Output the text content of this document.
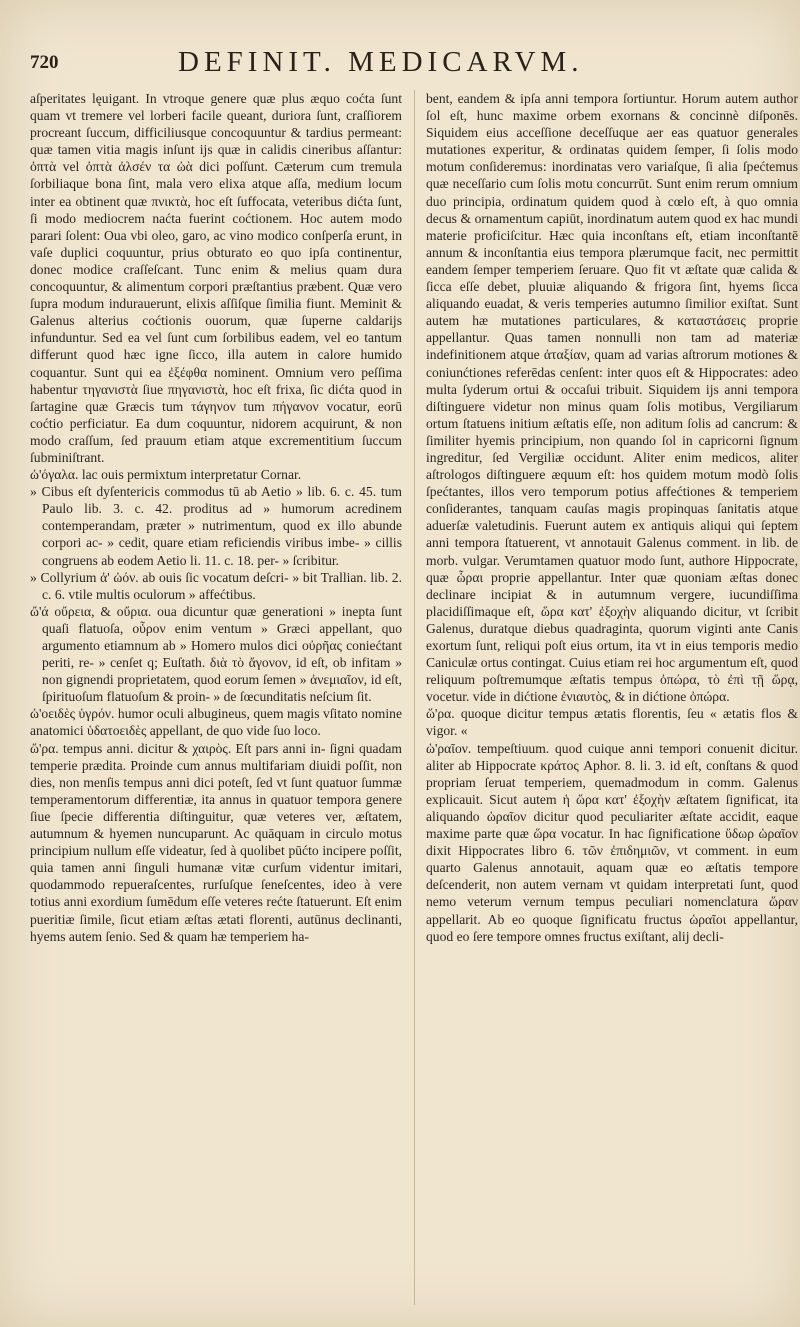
720	DEFINIT. MEDICARVM.

aſperitates lęuigant. In vtroque genere quæ plus æquo coćta ſunt quam vt tremere vel lorberi facile queant, duriora ſunt, craſſiorem procreant ſuccum, difficiliusque concoquuntur & tardius permeant: quæ tamen vitia magis inſunt ijs quæ in calidis cineribus aſſantur: ὀπτὰ vel ὀπτὰ ἀλσέν τα ὠὰ dici poſſunt. Cæterum cum tremula ſorbiliaque bona ſint, mala vero elixa atque aſſa, medium locum inter ea obtinent quæ πνικτὰ, hoc eſt ſuffocata, veteribus dićta ſunt, ſi modo mediocrem naćta fuerint coćtionem. Hoc autem modo parari ſolent: Oua vbi oleo, garo, ac vino modico conſperſa erunt, in vaſe duplici coquuntur, prius obturato eo quo ipſa continentur, donec modice craſſeſcant. Tunc enim & melius quam dura concoquuntur, & alimentum corpori præſtantius præbent. Quæ vero ſupra modum indurauerunt, elixis aſſiſque ſimilia fiunt. Meminit & Galenus alterius coćtionis ouorum, quæ ſuperne caldarijs infunduntur. Sed ea vel ſunt cum ſorbilibus eadem, vel eo tantum differunt quod hæc igne ſicco, illa autem in calore humido coquantur. Sunt qui ea ἐξέφθα nominent. Omnium vero peſſima habentur τηγανιστὰ ſiue πηγανιστὰ, hoc eſt frixa, ſic dićta quod in ſartagine quæ Græcis tum τάγηνον tum πήγανον vocatur, eorū coćtio perficiatur. Ea dum coquuntur, nidorem acquirunt, & non modo craſſum, ſed prauum etiam atque excrementitium ſuccum ſubminiſtrant.

ὠ'όγαλα. lac ouis permixtum interpretatur Cornar.

» Cibus eſt dyſentericis commodus tū ab Aetio » lib. 6. c. 45. tum Paulo lib. 3. c. 42. proditus ad » humorum acredinem contemperandam, præter » nutrimentum, quod ex illo abunde corpori ac- » cedit, quare etiam reficiendis viribus imbe- » cillis congruens ab eodem Aetio li. 11. c. 18. per- » ſcribitur.

» Collyrium ἀ' ὠόν. ab ouis ſic vocatum deſcri- » bit Trallian. lib. 2. c. 6. vtile multis oculorum » affećtibus.

ὤ'ά οὔρεια, & οὔρια. oua dicuntur quæ generationi » inepta ſunt quaſi flatuoſa, οὖρον enim ventum » Græci appellant, quo argumento etiamnum ab » Homero mulos dici οὐρῆας coniećtant periti, re- » cenſet q; Euſtath. διὰ τὸ ἄγονον, id eſt, ob infitam » non gignendi proprietatem, quod eorum ſemen » ἀνεμιαῖον, id eſt, ſpirituoſum flatuoſum & proin- » de ſœcunditatis neſcium ſit.

ὠ'οειδὲς ὑγρόν. humor oculi albugineus, quem magis vſitato nomine anatomici ὑδατοειδὲς appellant, de quo vide ſuo loco.

ὥ'ρα. tempus anni. dicitur & χαιρὸς. Eſt pars anni in- ſigni quadam temperie prædita. Proinde cum annus multifariam diuidi poſſit, non dies, non menſis tempus anni dici poteſt, ſed vt ſunt quatuor ſummæ temperamentorum differentiæ, ita annus in quatuor tempora genere ſiue ſpecie differentia diſtinguitur, quæ veteres ver, æſtatem, autumnum & hyemen nuncuparunt. Ac quāquam in circulo motus principium nullum eſſe videatur, ſed à quolibet pūćto incipere poſſit, quia tamen anni ſinguli humanæ vitæ curſum videntur imitari, quodammodo repueraſcentes, rurſuſque ſeneſcentes, ideo à vere totius anni exordium ſumēdum eſſe veteres rećte ſtatuerunt. Eſt enim pueritiæ ſimile, ſicut etiam æſtas ætati florenti, autūnus declinanti, hyems autem ſenio. Sed & quam hæ temperiem ha-

bent, eandem & ipſa anni tempora ſortiuntur. Horum autem author ſol eſt, hunc maxime orbem exornans & concinnè diſponēs. Siquidem eius acceſſione deceſſuque aer eas quatuor generales mutationes experitur, & ordinatas quidem ſemper, ſi ſolis modo motum conſideremus: inordinatas vero variaſque, ſi alia ſpećtemus quæ neceſſario cum ſolis motu concurrūt. Sunt enim rerum omnium duo principia, ordinatum quidem quod à cœlo eſt, à quo omnia decus & ornamentum capiūt, inordinatum autem quod ex hac mundi materie proficiſcitur. Hæc quia inconſtans eſt, etiam inconſtantē annum & inconſtantia eius tempora plærumque facit, nec permittit eandem ſemper temperiem ſeruare. Quo fit vt æſtate quæ calida & ſicca eſſe debet, pluuiæ aliquando & frigora ſint, hyems ſicca aliquando euadat, & veris temperies autumno ſimilior exiſtat. Sunt autem hæ mutationes particulares, & καταστάσεις proprie appellantur. Quas tamen nonnulli non tam ad materiæ indefinitionem atque ἀταξίαν, quam ad varias aſtrorum motiones & coniunćtiones referēdas cenſent: inter quos eſt & Hippocrates: adeo multa ſyderum ortui & occaſui tribuit. Siquidem ijs anni tempora diſtinguere videtur non minus quam ſolis motibus, Vergiliarum ortum ſtatuens initium æſtatis eſſe, non aditum ſolis ad cancrum: & ſimiliter hyemis principium, non quando ſol in capricorni ſignum ingreditur, ſed Vergiliæ occidunt. Aliter enim medicos, aliter aſtrologos diſtinguere æquum eſt: hos quidem motum modò ſolis ſpećtantes, illos vero temporum potius affećtiones & temperiem conſiderantes, tanquam cauſas magis propinquas ſanitatis atque aduerſæ valetudinis. Fuerunt autem ex antiquis aliqui qui ſeptem anni tempora ſtatuerent, vt annotauit Galenus comment. in lib. de morb. vulgar. Verumtamen quatuor modo ſunt, authore Hippocrate, quæ ὧραι proprie appellantur. Inter quæ quoniam æſtas donec declinare incipiat & in autumnum vergere, iucundiſſima placidiſſimaque eſt, ὥρα κατ' ἐξοχὴν aliquando dicitur, vt ſcribit Galenus, duratque diebus quadraginta, quorum viginti ante Canis exortum ſunt, reliqui poſt eius ortum, ita vt in eius temporis medio Caniculæ ortus contingat. Cuius etiam rei hoc argumentum eſt, quod reliquum poſtremumque æſtatis tempus ὀπώρα, τὸ ἐπὶ τῇ ὥρᾳ, vocetur. vide in dićtione ἐνιαυτὸς, & in dićtione ὀπώρα.

ὥ'ρα. quoque dicitur tempus ætatis florentis, ſeu « ætatis flos & vigor. «

ὡ'ραῖον. tempeſtiuum. quod cuique anni tempori conuenit dicitur. aliter ab Hippocrate κράτος Aphor. 8. li. 3. id eſt, conſtans & quod propriam ſeruat temperiem, quemadmodum in comm. Galenus explicauit. Sicut autem ἡ ὥρα κατ' ἐξοχὴν æſtatem ſignificat, ita aliquando ὡραῖον dicitur quod peculiariter æſtate accidit, eaque maxime parte quæ ὥρα vocatur. In hac ſignificatione ὕδωρ ὡραῖον dixit Hippocrates libro 6. τῶν ἐπιδημιῶν, vt comment. in eum quarto Galenus annotauit, aquam quæ eo æſtatis tempore deſcenderit, non autem vernam vt quidam interpretati ſunt, quod nemo veterum vernum tempus peculiari nomenclatura ὥραν appellarit. Ab eo quoque ſignificatu fructus ὡραῖοι appellantur, quod eo ſere tempore omnes fructus exiſtant, alij decli-
